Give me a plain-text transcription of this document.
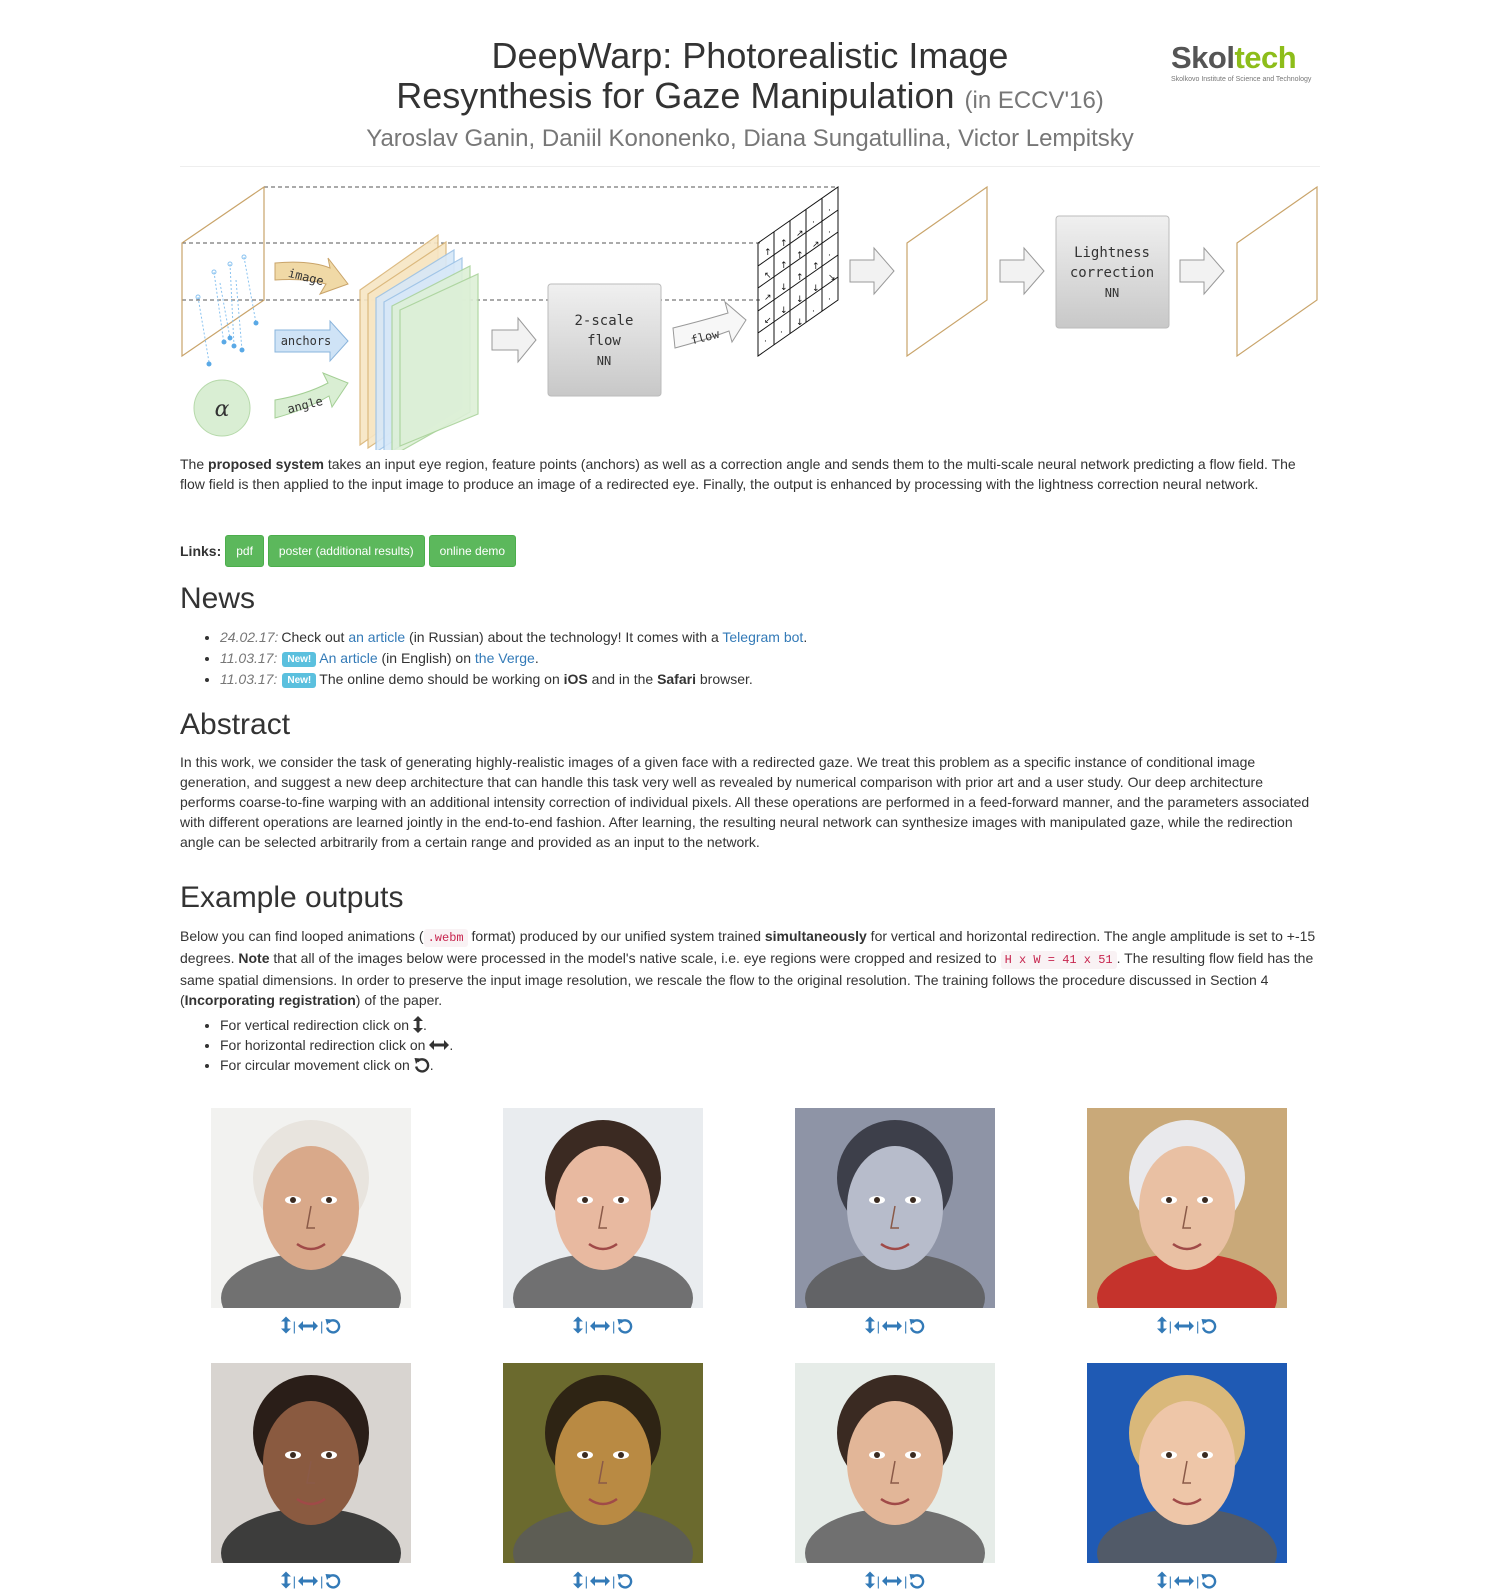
DeepWarp: Photorealistic Image
Resynthesis for Gaze Manipulation (in ECCV'16)
Yaroslav Ganin, Daniil Kononenko, Diana Sungatullina, Victor Lempitsky
Skoltech
Skolkovo Institute of Science and Technology
α
image
anchors
angle
2-scale
flow
NN
flow
↑
↑
↗
·
·
↖
↑
↑
↗
·
↗
↓
↑
↑
·
↙
↓
↓
↓
↘
·
·
↓
·
·
Lightness
correction
NN

The proposed system takes an input eye region, feature points (anchors) as well as a correction angle and sends them to the multi-scale neural network predicting a flow field. The flow field is then applied to the input image to produce an image of a redirected eye. Finally, the output is enhanced by processing with the lightness correction neural network.

Links:	pdf	poster (additional results)	online demo
News
• 24.02.17: Check out an article (in Russian) about the technology! It comes with a Telegram bot.
• 11.03.17: New! An article (in English) on the Verge.
• 11.03.17: New! The online demo should be working on iOS and in the Safari browser.
Abstract

In this work, we consider the task of generating highly-realistic images of a given face with a redirected gaze. We treat this problem as a specific instance of conditional image generation, and suggest a new deep architecture that can handle this task very well as revealed by numerical comparison with prior art and a user study. Our deep architecture performs coarse-to-fine warping with an additional intensity correction of individual pixels. All these operations are performed in a feed-forward manner, and the parameters associated with different operations are learned jointly in the end-to-end fashion. After learning, the resulting neural network can synthesize images with manipulated gaze, while the redirection angle can be selected arbitrarily from a certain range and provided as an input to the network.

Example outputs

Below you can find looped animations ( .webm format) produced by our unified system trained simultaneously for vertical and horizontal redirection. The angle amplitude is set to +-15 degrees. Note that all of the images below were processed in the model's native scale, i.e. eye regions were cropped and resized to H x W = 41 x 51 . The resulting flow field has the same spatial dimensions. In order to preserve the input image resolution, we rescale the flow to the original resolution. The training follows the procedure discussed in Section 4 (Incorporating registration) of the paper.

• For vertical redirection click on .
• For horizontal redirection click on .
• For circular movement click on .
| |	| |	| |	| |
| |	| |	| |	| |
